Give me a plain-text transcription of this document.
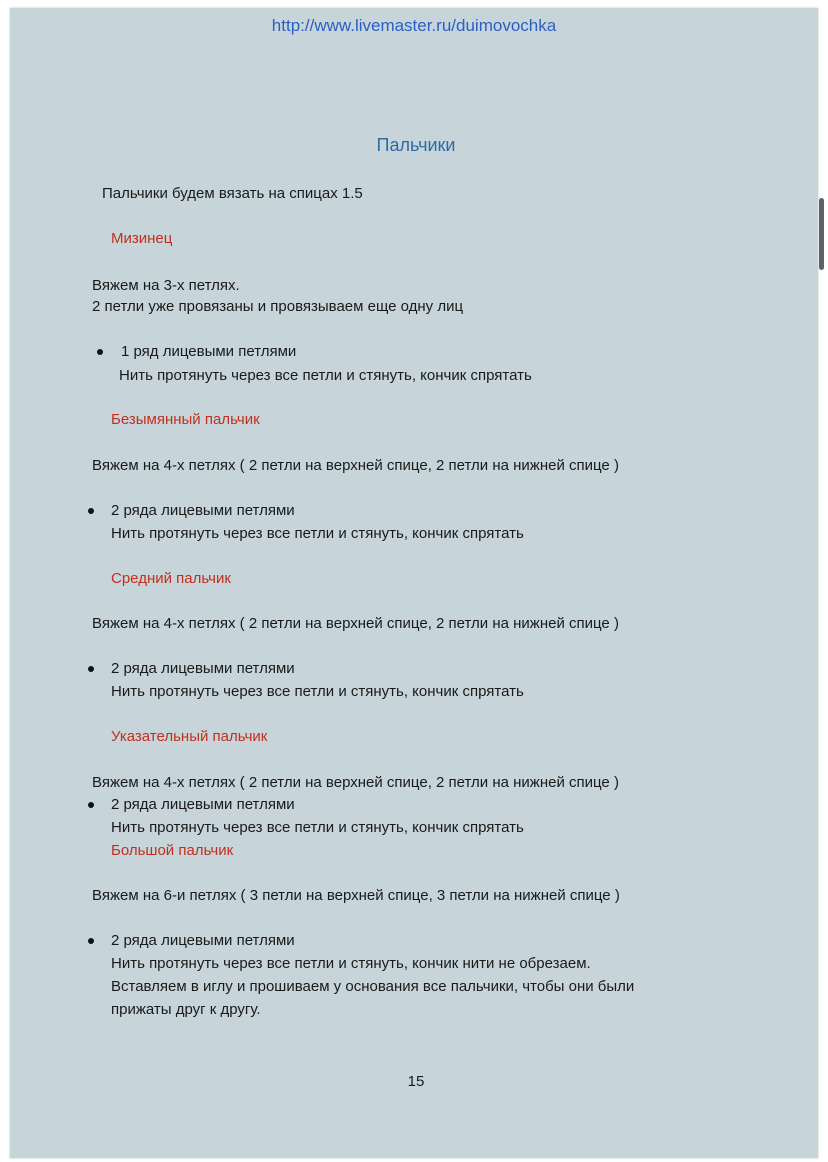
http://www.livemaster.ru/duimovochka
Пальчики
Пальчики будем вязать на спицах 1.5
Мизинец
Вяжем на 3-х петлях.
2 петли уже провязаны и провязываем еще одну лиц
1 ряд лицевыми петлями
Нить протянуть через все петли и стянуть, кончик спрятать
Безымянный пальчик
Вяжем на 4-х петлях ( 2 петли на верхней спице, 2 петли на нижней спице )
2 ряда лицевыми петлями
Нить протянуть через все петли и стянуть, кончик спрятать
Средний пальчик
Вяжем на 4-х петлях ( 2 петли на верхней спице, 2 петли на нижней спице )
2 ряда лицевыми петлями
Нить протянуть через все петли и стянуть, кончик спрятать
Указательный пальчик
Вяжем на 4-х петлях ( 2 петли на верхней спице, 2 петли на нижней спице )
2 ряда лицевыми петлями
Нить протянуть через все петли и стянуть, кончик спрятать
Большой пальчик
Вяжем на 6-и петлях ( 3 петли на верхней спице, 3 петли на нижней спице )
2 ряда лицевыми петлями
Нить протянуть через все петли и стянуть, кончик нити не обрезаем.
Вставляем в иглу и прошиваем у основания все пальчики, чтобы они были
прижаты друг к другу.
15
